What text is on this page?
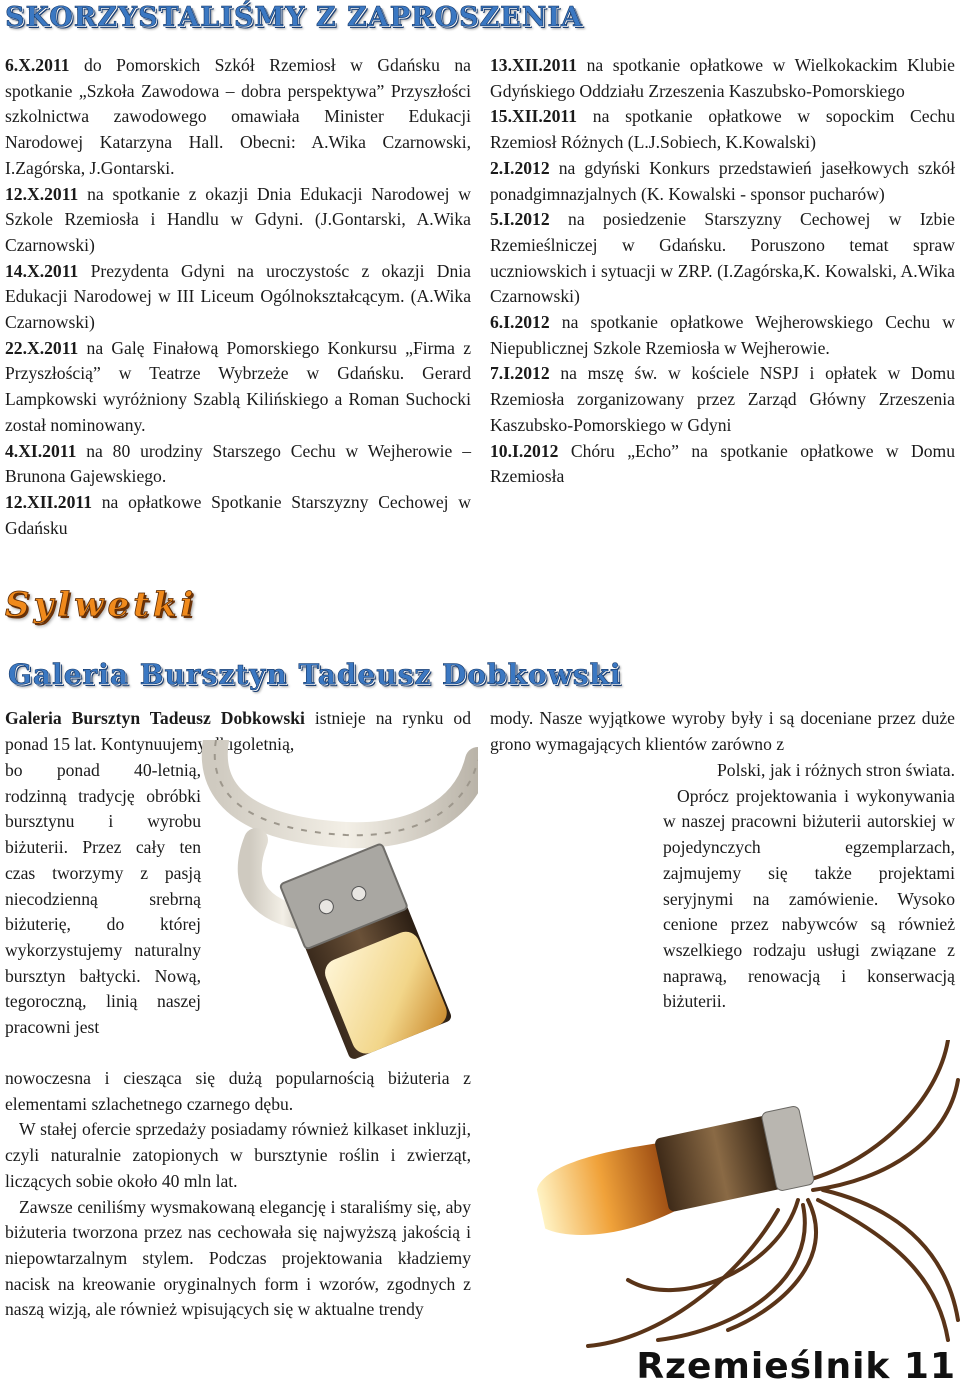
SKORZYSTALIŚMY Z ZAPROSZENIA

6.X.2011 do Pomorskich Szkół Rzemiosł w Gdańsku na spotkanie „Szkoła Zawodowa – dobra perspektywa” Przyszłości szkolnictwa zawodowego omawiała Minister Edukacji Narodowej Katarzyna Hall. Obecni: A.Wika Czarnowski, I.Zagórska, J.Gontarski.

12.X.2011 na spotkanie z okazji Dnia Edukacji Narodowej w Szkole Rzemiosła i Handlu w Gdyni. (J.Gontarski, A.Wika Czarnowski)

14.X.2011 Prezydenta Gdyni na uroczystośc z okazji Dnia Edukacji Narodowej w III Liceum Ogólnokształcącym. (A.Wika Czarnowski)

22.X.2011 na Galę Finałową Pomorskiego Konkursu „Firma z Przyszłością” w Teatrze Wybrzeże w Gdańsku. Gerard Lampkowski wyróżniony Szablą Kilińskiego a Roman Suchocki został nominowany.

4.XI.2011 na 80 urodziny Starszego Cechu w Wejherowie – Brunona Gajewskiego.

12.XII.2011 na opłatkowe Spotkanie Starszyzny Cechowej w Gdańsku

13.XII.2011 na spotkanie opłatkowe w Wielkokackim Klubie Gdyńskiego Oddziału Zrzeszenia Kaszubsko-Pomorskiego

15.XII.2011 na spotkanie opłatkowe w sopockim Cechu Rzemiosł Różnych (L.J.Sobiech, K.Kowalski)

2.I.2012 na gdyński Konkurs przedstawień jasełkowych szkół ponadgimnazjalnych (K. Kowalski - sponsor pucharów)

5.I.2012 na posiedzenie Starszyzny Cechowej w Izbie Rzemieślniczej w Gdańsku. Poruszono temat spraw uczniowskich i sytuacji w ZRP. (I.Zagórska,K. Kowalski, A.Wika Czarnowski)

6.I.2012 na spotkanie opłatkowe Wejherowskiego Cechu w Niepublicznej Szkole Rzemiosła w Wejherowie.

7.I.2012 na mszę św. w kościele NSPJ i opłatek w Domu Rzemiosła zorganizowany przez Zarząd Główny Zrzeszenia Kaszubsko-Pomorskiego w Gdyni

10.I.2012 Chóru „Echo” na spotkanie opłatkowe w Domu Rzemiosła

Sylwetki
Galeria Bursztyn Tadeusz Dobkowski

Galeria Bursztyn Tadeusz Dobkowski istnieje na rynku od ponad 15 lat. Kontynuujemy długoletnią,

bo ponad 40-letnią, rodzinną tradycję obróbki bursztynu i wyrobu biżuterii. Przez cały ten czas tworzymy z pasją niecodzienną srebrną biżuterię, do której wykorzystujemy naturalny bursztyn bałtycki. Nową, tegoroczną, linią naszej pracowni jest

nowoczesna i ciesząca się dużą popularnością biżuteria z elementami szlachetnego czarnego dębu.

W stałej ofercie sprzedaży posiadamy również kilkaset inkluzji, czyli naturalnie zatopionych w bursztynie roślin i zwierząt, liczących sobie około 40 mln lat.

Zawsze ceniliśmy wysmakowaną elegancję i staraliśmy się, aby biżuteria tworzona przez nas cechowała się najwyższą jakością i niepowtarzalnym stylem. Podczas projektowania kładziemy nacisk na kreowanie oryginalnych form i wzorów, zgodnych z naszą wizją, ale również wpisujących się w aktualne trendy

mody. Nasze wyjątkowe wyroby były i są doceniane przez duże grono wymagających klientów zarówno z

Polski, jak i różnych stron świata.

Oprócz projektowania i wykonywania w naszej pracowni biżuterii autorskiej w pojedynczych egzemplarzach, zajmujemy się także projektami seryjnymi na zamówienie. Wysoko cenione przez nabywców są również wszelkiego rodzaju usługi związane z naprawą, renowacją i konserwacją biżuterii.

Rzemieślnik 11
